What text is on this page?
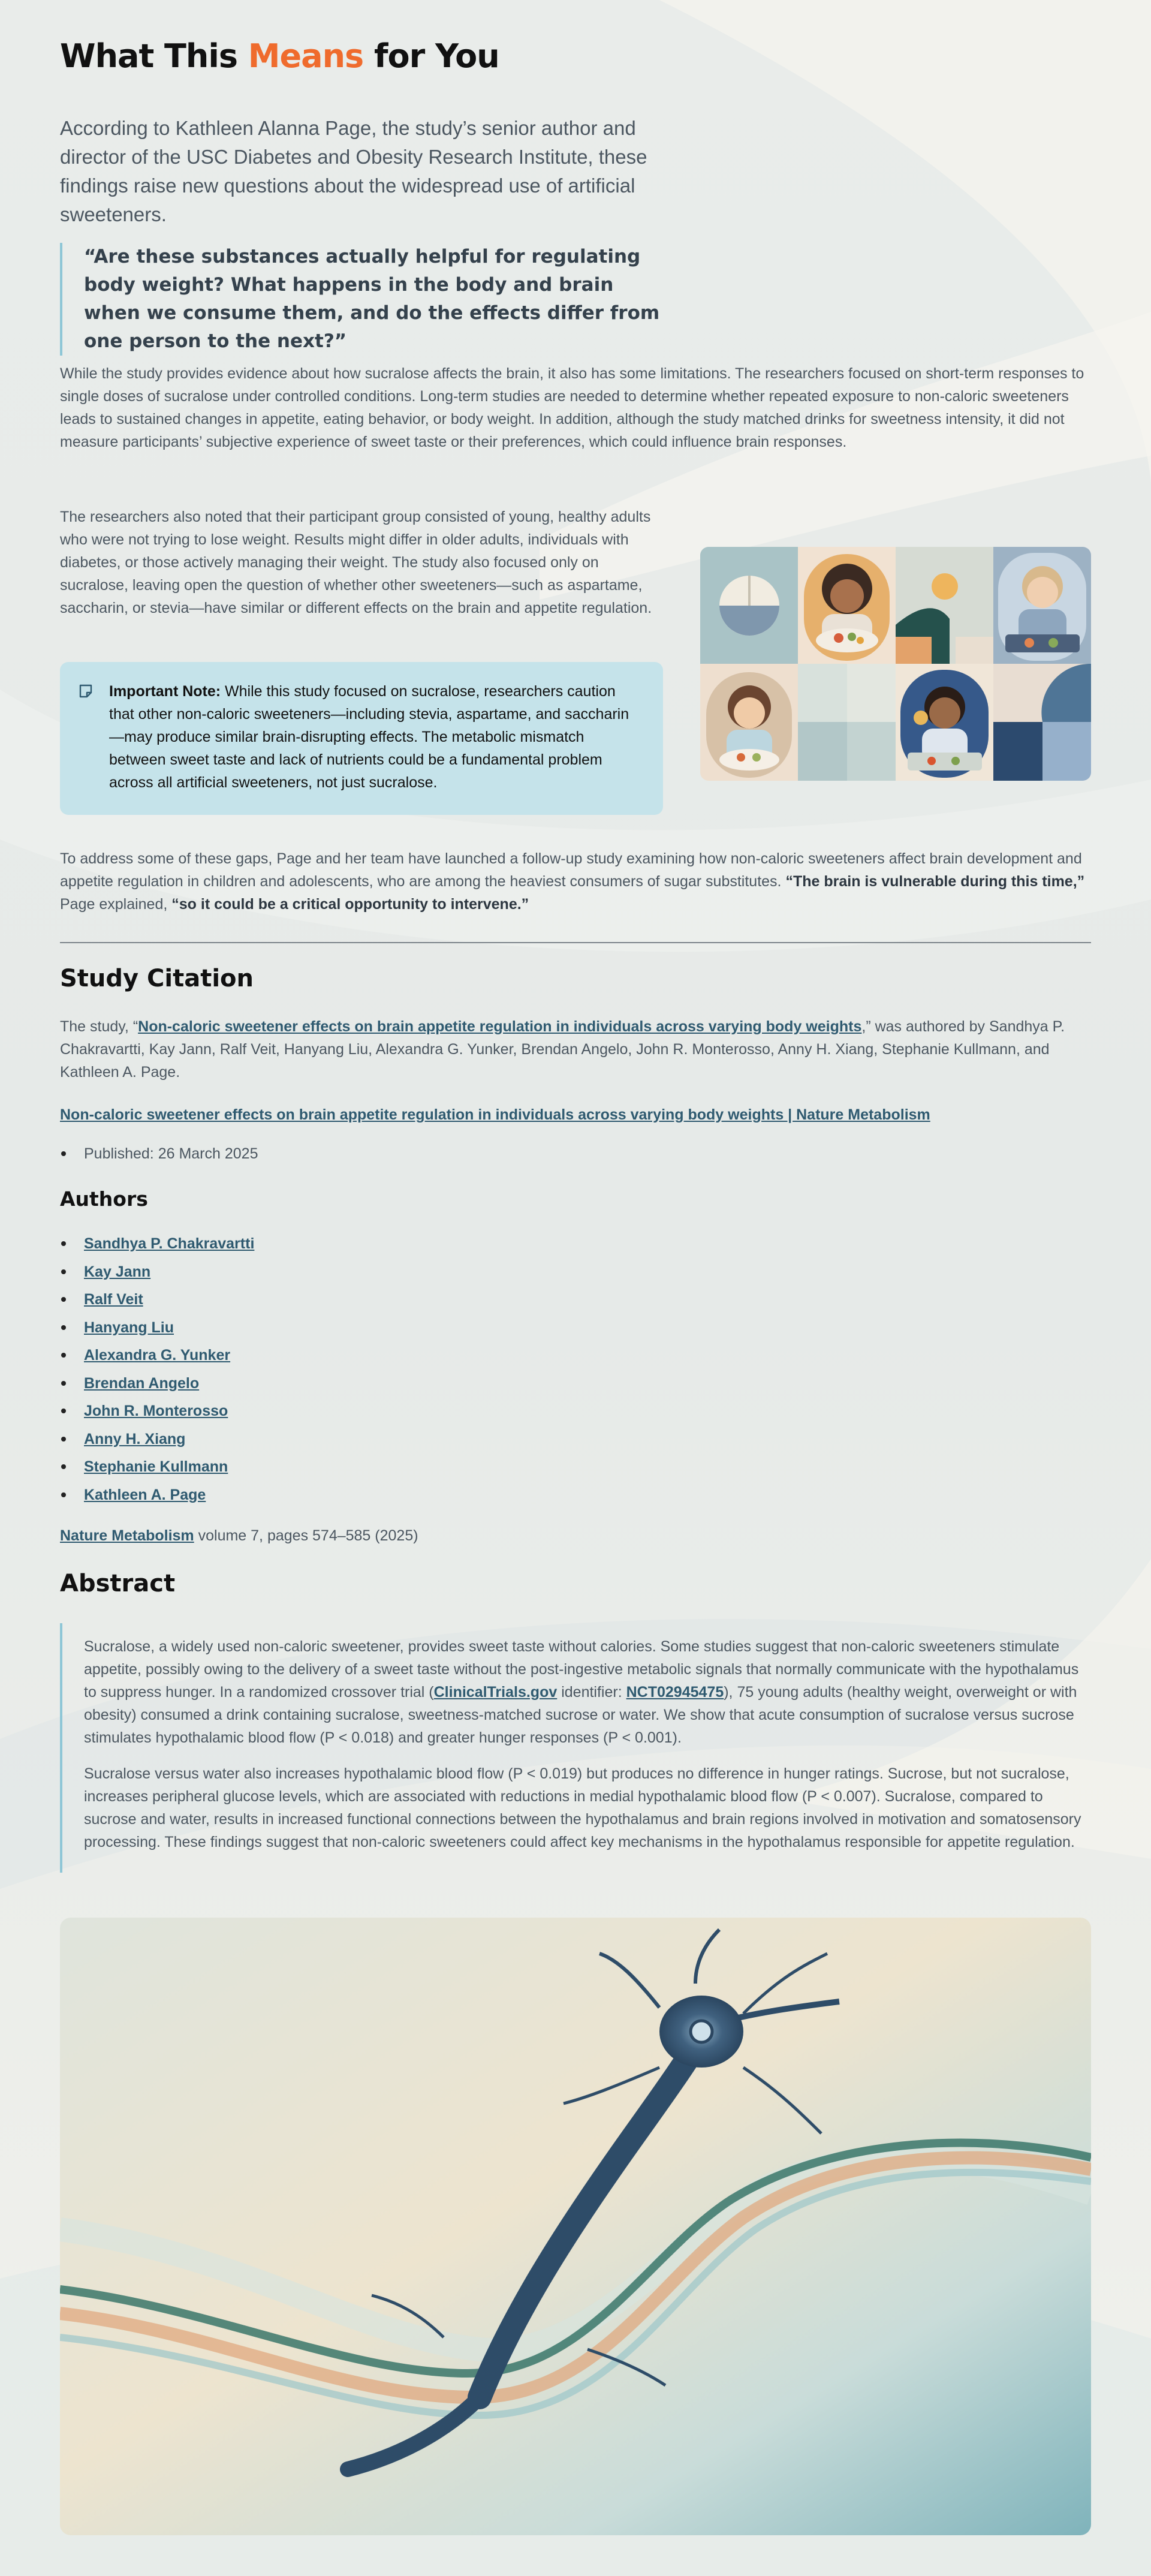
What This Means for You

According to Kathleen Alanna Page, the study’s senior author and director of the USC Diabetes and Obesity Research Institute, these findings raise new questions about the widespread use of artificial sweeteners.

“Are these substances actually helpful for regulating body weight? What happens in the body and brain when we consume them, and do the effects differ from one person to the next?”

While the study provides evidence about how sucralose affects the brain, it also has some limitations. The researchers focused on short-term responses to single doses of sucralose under controlled conditions. Long-term studies are needed to determine whether repeated exposure to non-caloric sweeteners leads to sustained changes in appetite, eating behavior, or body weight. In addition, although the study matched drinks for sweetness intensity, it did not measure participants’ subjective experience of sweet taste or their preferences, which could influence brain responses.

The researchers also noted that their participant group consisted of young, healthy adults who were not trying to lose weight. Results might differ in older adults, individuals with diabetes, or those actively managing their weight. The study also focused only on sucralose, leaving open the question of whether other sweeteners—such as aspartame, saccharin, or stevia—have similar or different effects on the brain and appetite regulation.

Important Note: While this study focused on sucralose, researchers caution that other non-caloric sweeteners—including stevia, aspartame, and saccharin—may produce similar brain-disrupting effects. The metabolic mismatch between sweet taste and lack of nutrients could be a fundamental problem across all artificial sweeteners, not just sucralose.

To address some of these gaps, Page and her team have launched a follow-up study examining how non-caloric sweeteners affect brain development and appetite regulation in children and adolescents, who are among the heaviest consumers of sugar substitutes. “The brain is vulnerable during this time,” Page explained, “so it could be a critical opportunity to intervene.”

Study Citation

The study, “Non-caloric sweetener effects on brain appetite regulation in individuals across varying body weights,” was authored by Sandhya P. Chakravartti, Kay Jann, Ralf Veit, Hanyang Liu, Alexandra G. Yunker, Brendan Angelo, John R. Monterosso, Anny H. Xiang, Stephanie Kullmann, and Kathleen A. Page.

Non-caloric sweetener effects on brain appetite regulation in individuals across varying body weights | Nature Metabolism

Published: 26 March 2025

Authors
Sandhya P. Chakravartti
Kay Jann
Ralf Veit
Hanyang Liu
Alexandra G. Yunker
Brendan Angelo
John R. Monterosso
Anny H. Xiang
Stephanie Kullmann
Kathleen A. Page

Nature Metabolism volume 7, pages 574–585 (2025)

Abstract

Sucralose, a widely used non-caloric sweetener, provides sweet taste without calories. Some studies suggest that non-caloric sweeteners stimulate appetite, possibly owing to the delivery of a sweet taste without the post-ingestive metabolic signals that normally communicate with the hypothalamus to suppress hunger. In a randomized crossover trial (ClinicalTrials.gov identifier: NCT02945475), 75 young adults (healthy weight, overweight or with obesity) consumed a drink containing sucralose, sweetness-matched sucrose or water. We show that acute consumption of sucralose versus sucrose stimulates hypothalamic blood flow (P < 0.018) and greater hunger responses (P < 0.001).

Sucralose versus water also increases hypothalamic blood flow (P < 0.019) but produces no difference in hunger ratings. Sucrose, but not sucralose, increases peripheral glucose levels, which are associated with reductions in medial hypothalamic blood flow (P < 0.007). Sucralose, compared to sucrose and water, results in increased functional connections between the hypothalamus and brain regions involved in motivation and somatosensory processing. These findings suggest that non-caloric sweeteners could affect key mechanisms in the hypothalamus responsible for appetite regulation.
